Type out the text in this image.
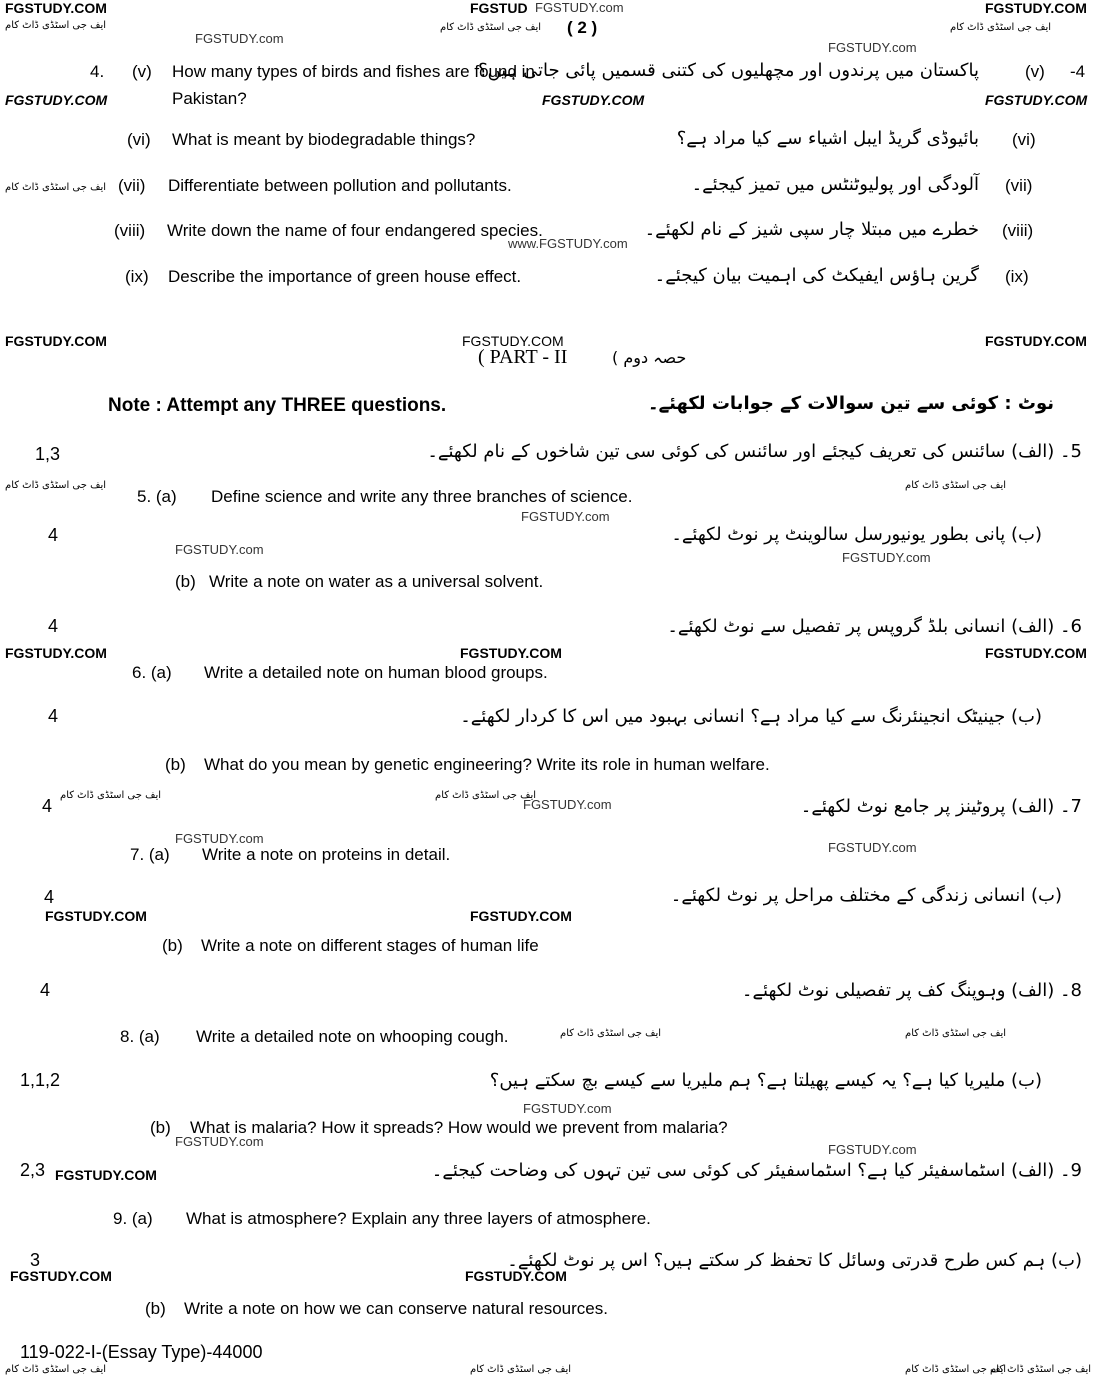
FGSTUDY.COM	FGSTUD FGSTUDY.com	FGSTUDY.COM
ایف جی اسٹڈی ڈاٹ کام	ایف جی اسٹڈی ڈاٹ کام
ایف جی اسٹڈی ڈاٹ کام
FGSTUDY.com
FGSTUDY.com
( 2 )
FGSTUDY.COM	FGSTUDY.COM	FGSTUDY.COM
www.FGSTUDY.com
ایف جی اسٹڈی ڈاٹ کام
4. (v) How many types of birds and fishes are found in
Pakistan?
پاکستان میں پرندوں اور مچھلیوں کی کتنی قسمیں پائی جاتی ہیں؟	(v) -4
(vi) What is meant by biodegradable things?	بائیوڈی گریڈ ایبل اشیاء سے کیا مراد ہے؟ (vi)
(vii) Differentiate between pollution and pollutants.	آلودگی اور پولیوٹنٹس میں تمیز کیجئے۔ (vii)
(viii) Write down the name of four endangered species.	خطرے میں مبتلا چار سپی شیز کے نام لکھئے۔ (viii)
(ix) Describe the importance of green house effect.	گرین ہاؤس ایفیکٹ کی اہمیت بیان کیجئے۔ (ix)
FGSTUDY.COM	FGSTUDY.COM	FGSTUDY.COM
( PART - II	حصہ دوم )
Note : Attempt any THREE questions.	نوٹ : کوئی سے تین سوالات کے جوابات لکھئے۔
1,3	5۔ (الف) سائنس کی تعریف کیجئے اور سائنس کی کوئی سی تین شاخوں کے نام لکھئے۔
ایف جی اسٹڈی ڈاٹ کام	ایف جی اسٹڈی ڈاٹ کام
5. (a) Define science and write any three branches of science.
FGSTUDY.com
4	(ب) پانی بطور یونیورسل سالوینٹ پر نوٹ لکھئے۔
FGSTUDY.com
FGSTUDY.com
(b) Write a note on water as a universal solvent.
4	6۔ (الف) انسانی بلڈ گروپس پر تفصیل سے نوٹ لکھئے۔
FGSTUDY.COM	FGSTUDY.COM	FGSTUDY.COM
6. (a) Write a detailed note on human blood groups.
4	(ب) جینیٹک انجینئرنگ سے کیا مراد ہے؟ انسانی بہبود میں اس کا کردار لکھئے۔
(b) What do you mean by genetic engineering? Write its role in human welfare.
ایف جی اسٹڈی ڈاٹ کام	ایف جی اسٹڈی ڈاٹ کام
FGSTUDY.com
4	7۔ (الف) پروٹینز پر جامع نوٹ لکھئے۔
FGSTUDY.com
FGSTUDY.com
7. (a) Write a note on proteins in detail.
4	(ب) انسانی زندگی کے مختلف مراحل پر نوٹ لکھئے۔
FGSTUDY.COM	FGSTUDY.COM
(b) Write a note on different stages of human life
4	8۔ (الف) وہوپنگ کف پر تفصیلی نوٹ لکھئے۔
ایف جی اسٹڈی ڈاٹ کام
ایف جی اسٹڈی ڈاٹ کام
8. (a) Write a detailed note on whooping cough.
1,1,2	(ب) ملیریا کیا ہے؟ یہ کیسے پھیلتا ہے؟ ہم ملیریا سے کیسے بچ سکتے ہیں؟
FGSTUDY.com
(b) What is malaria? How it spreads? How would we prevent from malaria?
FGSTUDY.com
FGSTUDY.com
2,3 FGSTUDY.COM	9۔ (الف) اسٹماسفیئر کیا ہے؟ اسٹماسفیئر کی کوئی سی تین تہوں کی وضاحت کیجئے۔
9. (a) What is atmosphere? Explain any three layers of atmosphere.
3
FGSTUDY.COM	FGSTUDY.COM
(ب) ہم کس طرح قدرتی وسائل کا تحفظ کر سکتے ہیں؟ اس پر نوٹ لکھئے۔
(b) Write a note on how we can conserve natural resources.
119-022-I-(Essay Type)-44000
ایف جی اسٹڈی ڈاٹ کام	ایف جی اسٹڈی ڈاٹ کام	ایف جی اسٹڈی ڈاٹ کام
ایف جی اسٹڈی ڈاٹ کام
